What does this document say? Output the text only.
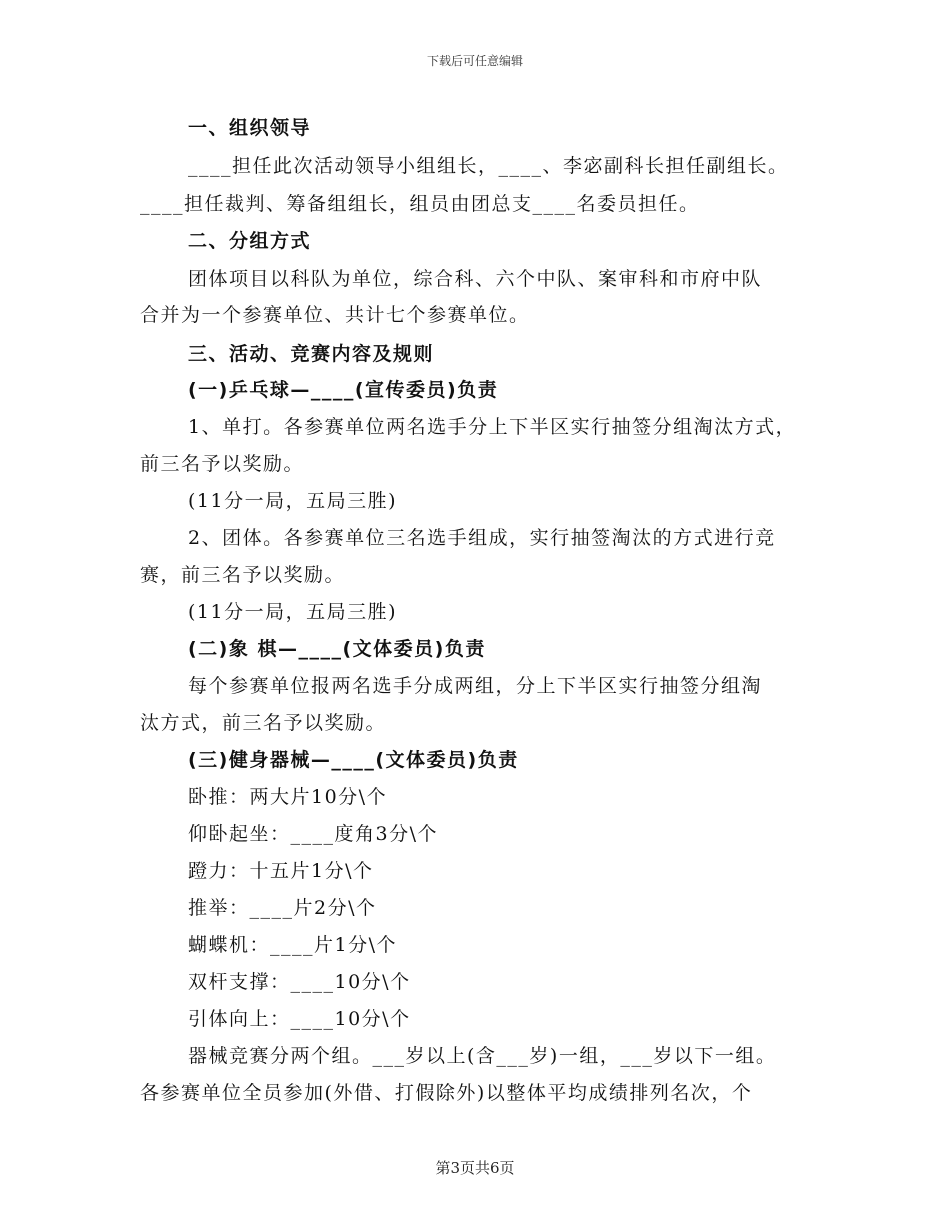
下载后可任意编辑
一、组织领导
____担任此次活动领导小组组长，____、李宓副科长担任副组长。
____担任裁判、筹备组组长，组员由团总支____名委员担任。
二、分组方式
团体项目以科队为单位，综合科、六个中队、案审科和市府中队
合并为一个参赛单位、共计七个参赛单位。
三、活动、竞赛内容及规则
(一)乒乓球—____(宣传委员)负责
1、单打。各参赛单位两名选手分上下半区实行抽签分组淘汰方式，
前三名予以奖励。
(11分一局，五局三胜)
2、团体。各参赛单位三名选手组成，实行抽签淘汰的方式进行竞
赛，前三名予以奖励。
(11分一局，五局三胜)
(二)象 棋—____(文体委员)负责
每个参赛单位报两名选手分成两组，分上下半区实行抽签分组淘
汰方式，前三名予以奖励。
(三)健身器械—____(文体委员)负责
卧推：两大片10分\个
仰卧起坐：____度角3分\个
蹬力：十五片1分\个
推举：____片2分\个
蝴蝶机：____片1分\个
双杆支撑：____10分\个
引体向上：____10分\个
器械竞赛分两个组。___岁以上(含___岁)一组，___岁以下一组。
各参赛单位全员参加(外借、打假除外)以整体平均成绩排列名次，个
第3页共6页
